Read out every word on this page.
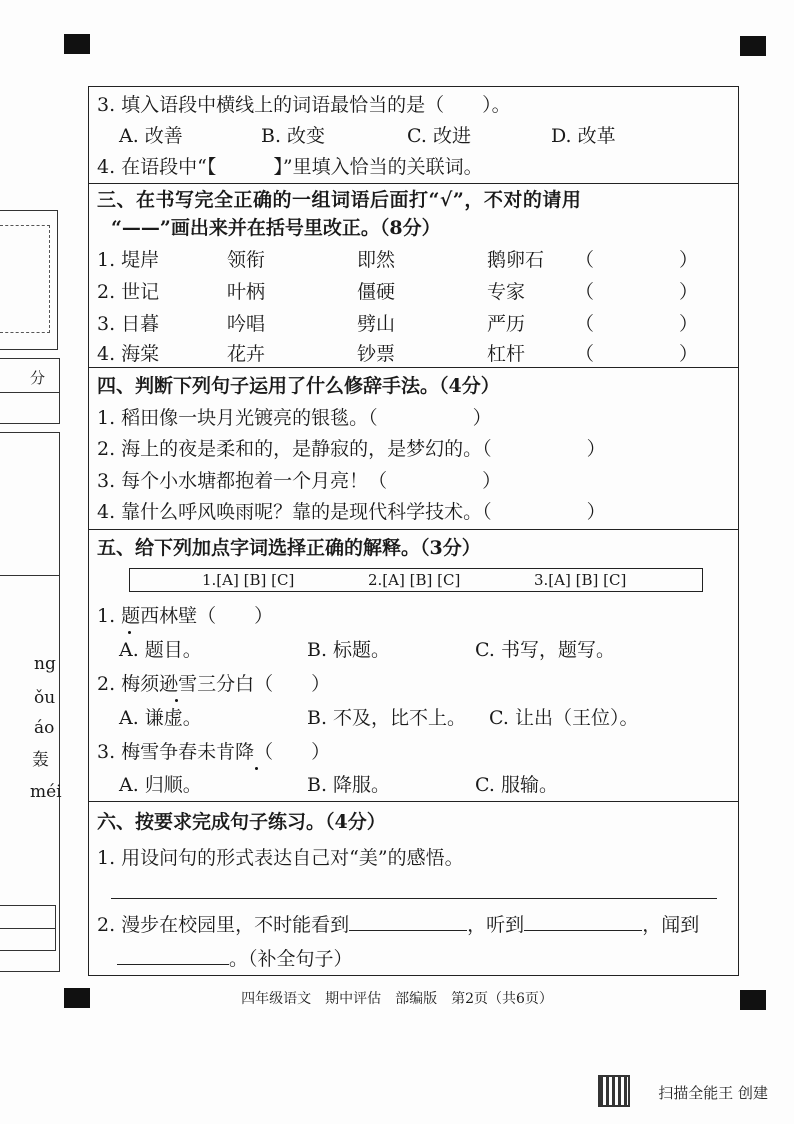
分
ng
ǒu
áo
轰
méi
3. 填入语段中横线上的词语最恰当的是（　　）。
A. 改善	B. 改变	C. 改进	D. 改革
4. 在语段中“【　　　】”里填入恰当的关联词。
三、在书写完全正确的一组词语后面打“√”，不对的请用
“——”画出来并在括号里改正。（8分）
1. 堤岸	领衔	即然	鹅卵石 （	）
2. 世记	叶柄	僵硬	专家	（	）
3. 日暮	吟唱	劈山	严历	（	）
4. 海棠	花卉	钞票	杠杆	（	）
四、判断下列句子运用了什么修辞手法。（4分）
1. 稻田像一块月光镀亮的银毯。（　　　　　）
2. 海上的夜是柔和的，是静寂的，是梦幻的。（　　　　　）
3. 每个小水塘都抱着一个月亮！（　　　　　）
4. 靠什么呼风唤雨呢？靠的是现代科学技术。（　　　　　）
五、给下列加点字词选择正确的解释。（3分）
1.[A] [B] [C]	2.[A] [B] [C]	3.[A] [B] [C]
1. 题西林壁（　　）
A. 题目。	B. 标题。	C. 书写，题写。
2. 梅须逊雪三分白（　　）
A. 谦虚。	B. 不及，比不上。 C. 让出（王位）。
3. 梅雪争春未肯降（　　）
A. 归顺。	B. 降服。	C. 服输。
六、按要求完成句子练习。（4分）
1. 用设问句的形式表达自己对“美”的感悟。
2. 漫步在校园里，不时能看到	，听到	，闻到
。（补全句子）
四年级语文　期中评估　部编版　第2页（共6页）
扫描全能王 创建
